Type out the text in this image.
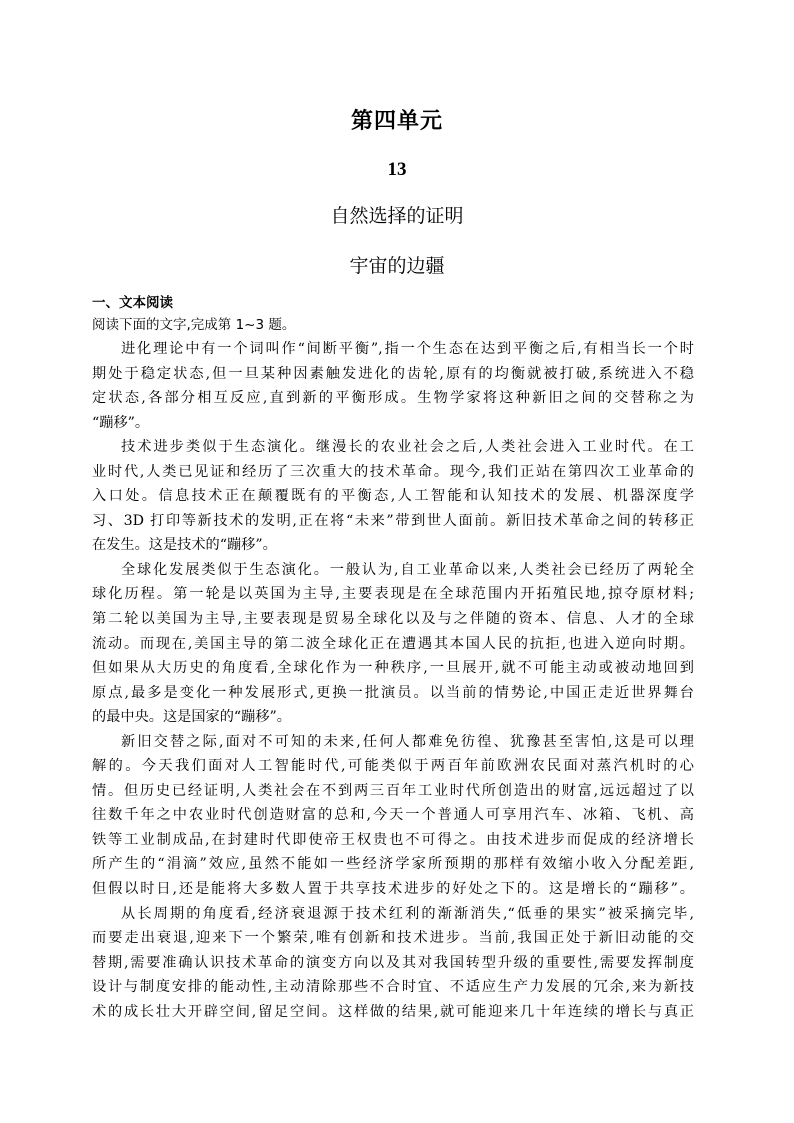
第四单元
13
自然选择的证明
宇宙的边疆
一、文本阅读
阅读下面的文字,完成第 1~3 题。
进化理论中有一个词叫作“间断平衡”,指一个生态在达到平衡之后,有相当长一个时
期处于稳定状态,但一旦某种因素触发进化的齿轮,原有的均衡就被打破,系统进入不稳
定状态,各部分相互反应,直到新的平衡形成。生物学家将这种新旧之间的交替称之为
“蹦移”。
技术进步类似于生态演化。继漫长的农业社会之后,人类社会进入工业时代。在工
业时代,人类已见证和经历了三次重大的技术革命。现今,我们正站在第四次工业革命的
入口处。信息技术正在颠覆既有的平衡态,人工智能和认知技术的发展、机器深度学
习、3D 打印等新技术的发明,正在将“未来”带到世人面前。新旧技术革命之间的转移正
在发生。这是技术的“蹦移”。
全球化发展类似于生态演化。一般认为,自工业革命以来,人类社会已经历了两轮全
球化历程。第一轮是以英国为主导,主要表现是在全球范围内开拓殖民地,掠夺原材料;
第二轮以美国为主导,主要表现是贸易全球化以及与之伴随的资本、信息、人才的全球
流动。而现在,美国主导的第二波全球化正在遭遇其本国人民的抗拒,也进入逆向时期。
但如果从大历史的角度看,全球化作为一种秩序,一旦展开,就不可能主动或被动地回到
原点,最多是变化一种发展形式,更换一批演员。以当前的情势论,中国正走近世界舞台
的最中央。这是国家的“蹦移”。
新旧交替之际,面对不可知的未来,任何人都难免彷徨、犹豫甚至害怕,这是可以理
解的。今天我们面对人工智能时代,可能类似于两百年前欧洲农民面对蒸汽机时的心
情。但历史已经证明,人类社会在不到两三百年工业时代所创造出的财富,远远超过了以
往数千年之中农业时代创造财富的总和,今天一个普通人可享用汽车、冰箱、飞机、高
铁等工业制成品,在封建时代即使帝王权贵也不可得之。由技术进步而促成的经济增长
所产生的“涓滴”效应,虽然不能如一些经济学家所预期的那样有效缩小收入分配差距,
但假以时日,还是能将大多数人置于共享技术进步的好处之下的。这是增长的“蹦移”。
从长周期的角度看,经济衰退源于技术红利的渐渐消失,“低垂的果实”被采摘完毕,
而要走出衰退,迎来下一个繁荣,唯有创新和技术进步。当前,我国正处于新旧动能的交
替期,需要准确认识技术革命的演变方向以及其对我国转型升级的重要性,需要发挥制度
设计与制度安排的能动性,主动清除那些不合时宜、不适应生产力发展的冗余,来为新技
术的成长壮大开辟空间,留足空间。这样做的结果,就可能迎来几十年连续的增长与真正
